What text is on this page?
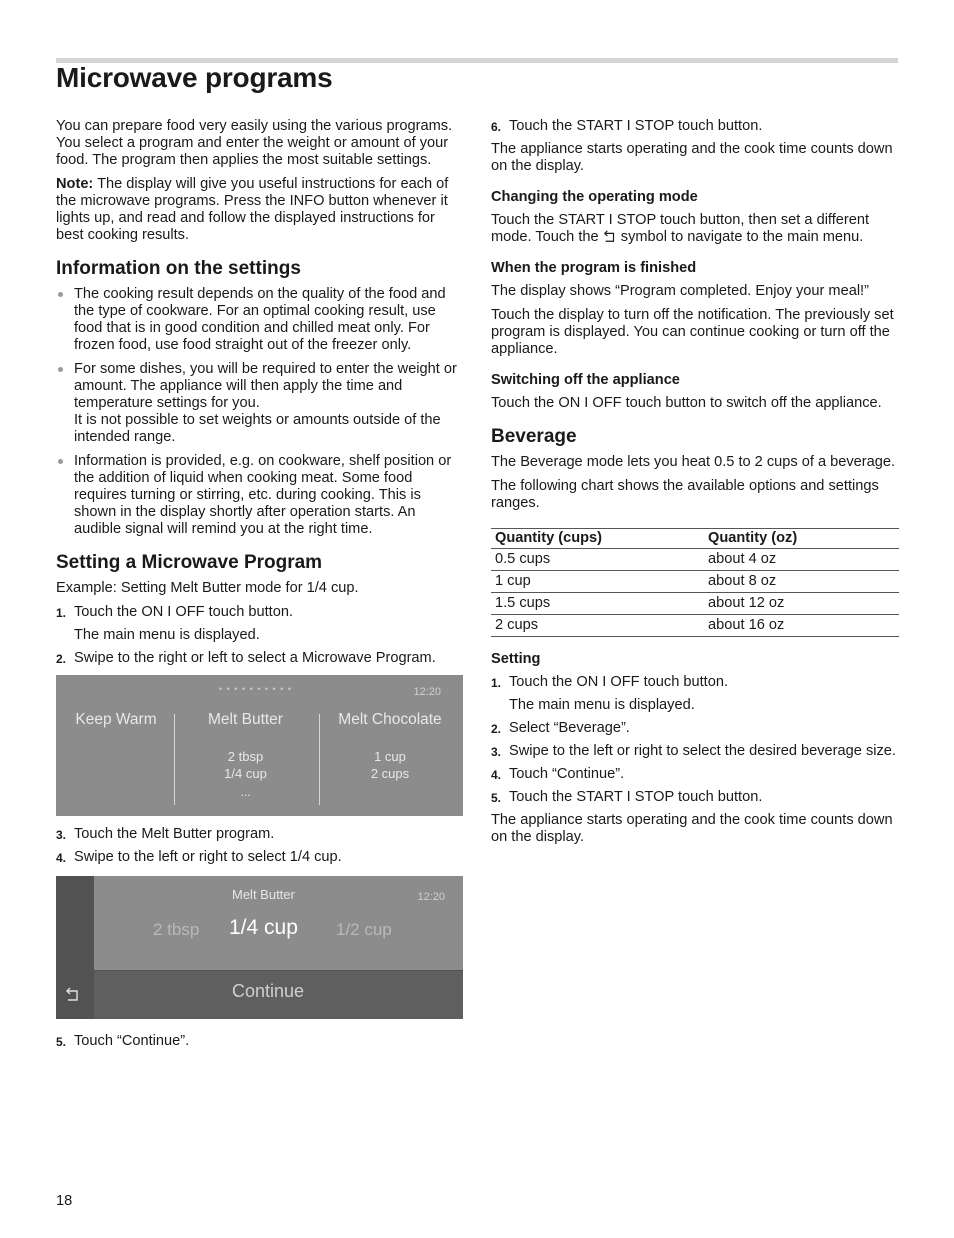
Microwave programs

You can prepare food very easily using the various programs. You select a program and enter the weight or amount of your food. The program then applies the most suitable settings.

Note: The display will give you useful instructions for each of the microwave programs. Press the INFO button whenever it lights up, and read and follow the displayed instructions for best cooking results.

Information on the settings
The cooking result depends on the quality of the food and the type of cookware. For an optimal cooking result, use food that is in good condition and chilled meat only. For frozen food, use food straight out of the freezer only.
For some dishes, you will be required to enter the weight or amount. The appliance will then apply the time and temperature settings for you.
It is not possible to set weights or amounts outside of the intended range.
Information is provided, e.g. on cookware, shelf position or the addition of liquid when cooking meat. Some food requires turning or stirring, etc. during cooking. This is shown in the display shortly after operation starts. An audible signal will remind you at the right time.
Setting a Microwave Program

Example: Setting Melt Butter mode for 1/4 cup.

1. Touch the ON I OFF touch button.
The main menu is displayed.
2. Swipe to the right or left to select a Microwave Program.
• • • • • • • • • •	12:20
Keep Warm	Melt Butter
2 tbsp
1/4 cup
...
Melt Chocolate
1 cup
2 cups
3. Touch the Melt Butter program.
4. Swipe to the left or right to select 1/4 cup.
Melt Butter	12:20
2 tbsp 1/4 cup 1/2 cup
Continue
5. Touch “Continue”.
6. Touch the START I STOP touch button.

The appliance starts operating and the cook time counts down on the display.

Changing the operating mode

Touch the START I STOP touch button, then set a different mode. Touch the symbol to navigate to the main menu.

When the program is finished

The display shows “Program completed. Enjoy your meal!”

Touch the display to turn off the notification. The previously set program is displayed. You can continue cooking or turn off the appliance.

Switching off the appliance

Touch the ON I OFF touch button to switch off the appliance.

Beverage

The Beverage mode lets you heat 0.5 to 2 cups of a beverage.

The following chart shows the available options and settings ranges.

Quantity (cups)	Quantity (oz)
0.5 cups	about 4 oz
1 cup	about 8 oz
1.5 cups	about 12 oz
2 cups	about 16 oz
Setting
1. Touch the ON I OFF touch button.
The main menu is displayed.
2. Select “Beverage”.
3. Swipe to the left or right to select the desired beverage size.
4. Touch “Continue”.
5. Touch the START I STOP touch button.

The appliance starts operating and the cook time counts down on the display.

18
